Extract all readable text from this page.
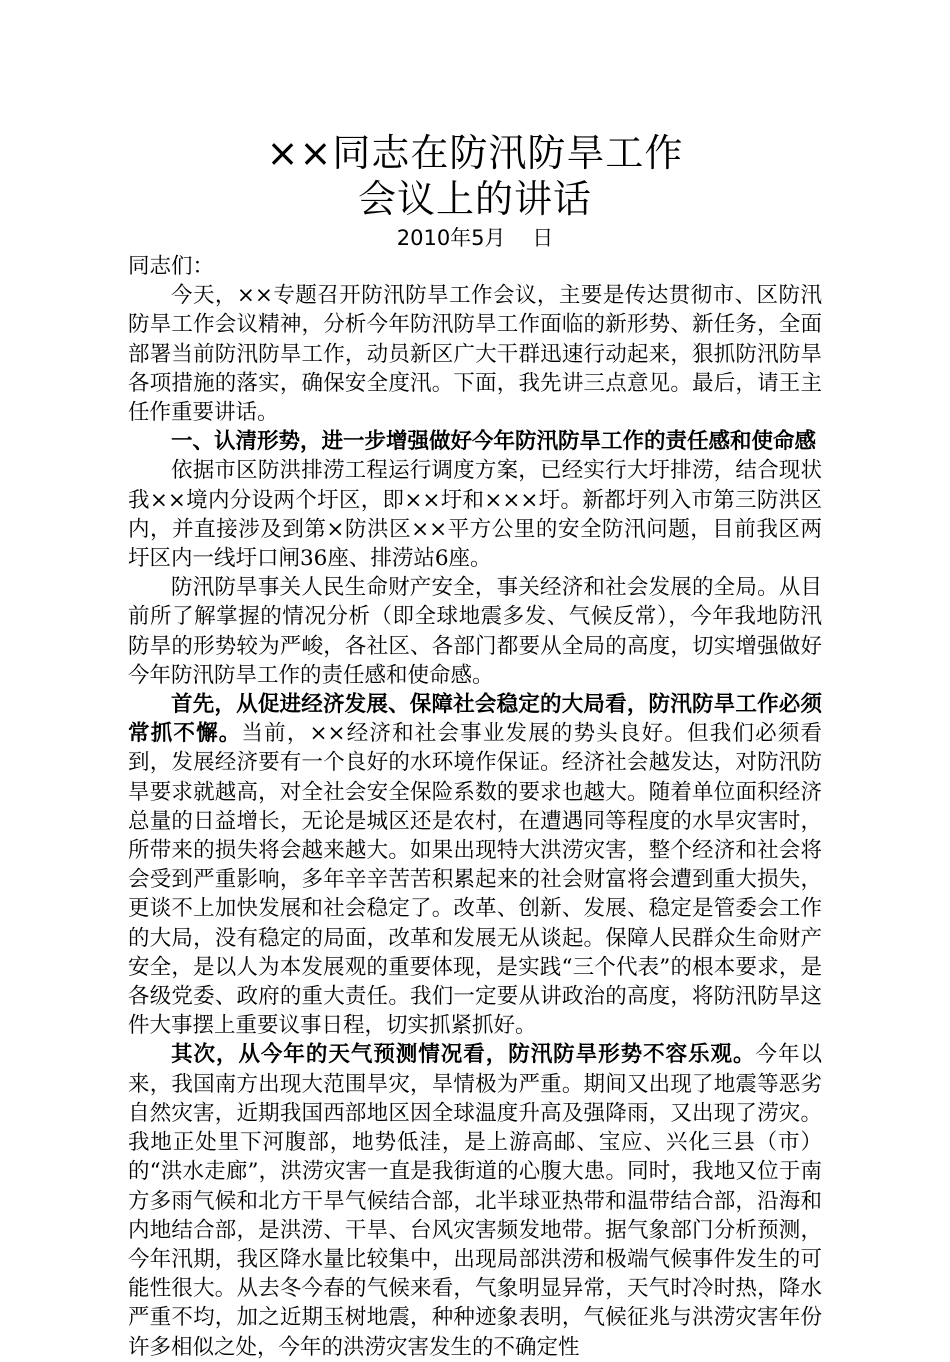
××同志在防汛防旱工作
会议上的讲话
2010年5月    日

同志们：

今天，××专题召开防汛防旱工作会议，主要是传达贯彻市、区防汛防旱工作会议精神，分析今年防汛防旱工作面临的新形势、新任务，全面部署当前防汛防旱工作，动员新区广大干群迅速行动起来，狠抓防汛防旱各项措施的落实，确保安全度汛。下面，我先讲三点意见。最后，请王主任作重要讲话。

一、认清形势，进一步增强做好今年防汛防旱工作的责任感和使命感

依据市区防洪排涝工程运行调度方案，已经实行大圩排涝，结合现状我××境内分设两个圩区，即××圩和×××圩。新都圩列入市第三防洪区内，并直接涉及到第×防洪区××平方公里的安全防汛问题，目前我区两圩区内一线圩口闸36座、排涝站6座。

防汛防旱事关人民生命财产安全，事关经济和社会发展的全局。从目前所了解掌握的情况分析（即全球地震多发、气候反常），今年我地防汛防旱的形势较为严峻，各社区、各部门都要从全局的高度，切实增强做好今年防汛防旱工作的责任感和使命感。

首先，从促进经济发展、保障社会稳定的大局看，防汛防旱工作必须常抓不懈。当前，××经济和社会事业发展的势头良好。但我们必须看到，发展经济要有一个良好的水环境作保证。经济社会越发达，对防汛防旱要求就越高，对全社会安全保险系数的要求也越大。随着单位面积经济总量的日益增长，无论是城区还是农村，在遭遇同等程度的水旱灾害时，所带来的损失将会越来越大。如果出现特大洪涝灾害，整个经济和社会将会受到严重影响，多年辛辛苦苦积累起来的社会财富将会遭到重大损失，更谈不上加快发展和社会稳定了。改革、创新、发展、稳定是管委会工作的大局，没有稳定的局面，改革和发展无从谈起。保障人民群众生命财产安全，是以人为本发展观的重要体现，是实践“三个代表”的根本要求，是各级党委、政府的重大责任。我们一定要从讲政治的高度，将防汛防旱这件大事摆上重要议事日程，切实抓紧抓好。

其次，从今年的天气预测情况看，防汛防旱形势不容乐观。今年以来，我国南方出现大范围旱灾，旱情极为严重。期间又出现了地震等恶劣自然灾害，近期我国西部地区因全球温度升高及强降雨，又出现了涝灾。我地正处里下河腹部，地势低洼，是上游高邮、宝应、兴化三县（市）的“洪水走廊”，洪涝灾害一直是我街道的心腹大患。同时，我地又位于南方多雨气候和北方干旱气候结合部，北半球亚热带和温带结合部，沿海和内地结合部，是洪涝、干旱、台风灾害频发地带。据气象部门分析预测，今年汛期，我区降水量比较集中，出现局部洪涝和极端气候事件发生的可能性很大。从去冬今春的气候来看，气象明显异常，天气时冷时热，降水严重不均，加之近期玉树地震，种种迹象表明，气候征兆与洪涝灾害年份许多相似之处，今年的洪涝灾害发生的不确定性
